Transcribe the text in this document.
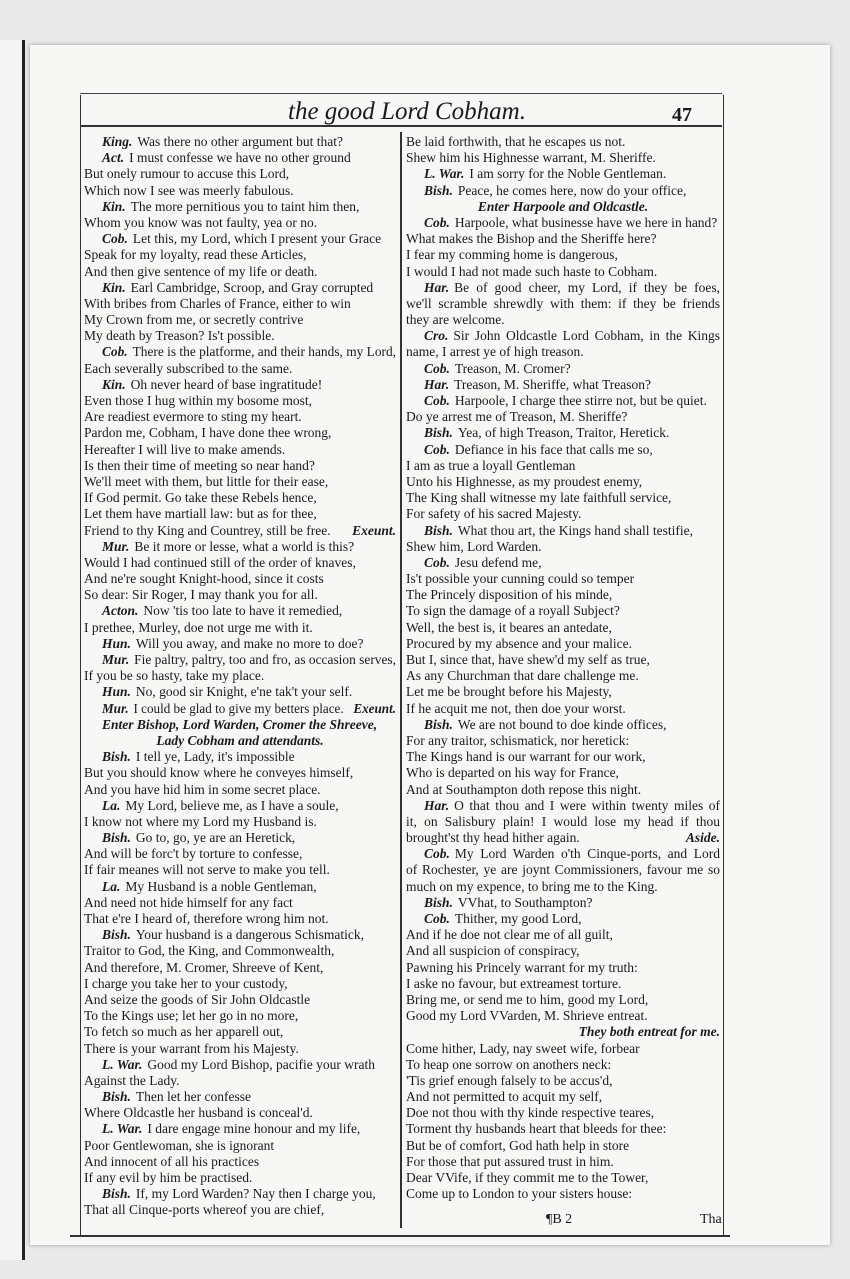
the good Lord Cobham.	47
King. Was there no other argument but that?
Act. I must confesse we have no other ground
But onely rumour to accuse this Lord,
Which now I see was meerly fabulous.
Kin. The more pernitious you to taint him then,
Whom you know was not faulty, yea or no.
Cob. Let this, my Lord, which I present your Grace
Speak for my loyalty, read these Articles,
And then give sentence of my life or death.
Kin. Earl Cambridge, Scroop, and Gray corrupted
With bribes from Charles of France, either to win
My Crown from me, or secretly contrive
My death by Treason? Is't possible.
Cob. There is the platforme, and their hands, my Lord,
Each severally subscribed to the same.
Kin. Oh never heard of base ingratitude!
Even those I hug within my bosome most,
Are readiest evermore to sting my heart.
Pardon me, Cobham, I have done thee wrong,
Hereafter I will live to make amends.
Is then their time of meeting so near hand?
We'll meet with them, but little for their ease,
If God permit. Go take these Rebels hence,
Let them have martiall law: but as for thee,
Friend to thy King and Countrey, still be free. Exeunt.
Mur. Be it more or lesse, what a world is this?
Would I had continued still of the order of knaves,
And ne're sought Knight-hood, since it costs
So dear: Sir Roger, I may thank you for all.
Acton. Now 'tis too late to have it remedied,
I prethee, Murley, doe not urge me with it.
Hun. Will you away, and make no more to doe?
Mur. Fie paltry, paltry, too and fro, as occasion serves,
If you be so hasty, take my place.
Hun. No, good sir Knight, e'ne tak't your self.
Mur. I could be glad to give my betters place. Exeunt.
Enter Bishop, Lord Warden, Cromer the Shreeve,
Lady Cobham and attendants.
Bish. I tell ye, Lady, it's impossible
But you should know where he conveyes himself,
And you have hid him in some secret place.
La. My Lord, believe me, as I have a soule,
I know not where my Lord my Husband is.
Bish. Go to, go, ye are an Heretick,
And will be forc't by torture to confesse,
If fair meanes will not serve to make you tell.
La. My Husband is a noble Gentleman,
And need not hide himself for any fact
That e're I heard of, therefore wrong him not.
Bish. Your husband is a dangerous Schismatick,
Traitor to God, the King, and Commonwealth,
And therefore, M. Cromer, Shreeve of Kent,
I charge you take her to your custody,
And seize the goods of Sir John Oldcastle
To the Kings use; let her go in no more,
To fetch so much as her apparell out,
There is your warrant from his Majesty.
L. War. Good my Lord Bishop, pacifie your wrath
Against the Lady.
Bish. Then let her confesse
Where Oldcastle her husband is conceal'd.
L. War. I dare engage mine honour and my life,
Poor Gentlewoman, she is ignorant
And innocent of all his practices
If any evil by him be practised.
Bish. If, my Lord Warden? Nay then I charge you,
That all Cinque-ports whereof you are chief,
Be laid forthwith, that he escapes us not.
Shew him his Highnesse warrant, M. Sheriffe.
L. War. I am sorry for the Noble Gentleman.
Bish. Peace, he comes here, now do your office,
Enter Harpoole and Oldcastle.
Cob. Harpoole, what businesse have we here in hand?
What makes the Bishop and the Sheriffe here?
I fear my comming home is dangerous,
I would I had not made such haste to Cobham.
Har. Be of good cheer, my Lord, if they be foes,
we'll scramble shrewdly with them: if they be friends
they are welcome.
Cro. Sir John Oldcastle Lord Cobham, in the Kings
name, I arrest ye of high treason.
Cob. Treason, M. Cromer?
Har. Treason, M. Sheriffe, what Treason?
Cob. Harpoole, I charge thee stirre not, but be quiet.
Do ye arrest me of Treason, M. Sheriffe?
Bish. Yea, of high Treason, Traitor, Heretick.
Cob. Defiance in his face that calls me so,
I am as true a loyall Gentleman
Unto his Highnesse, as my proudest enemy,
The King shall witnesse my late faithfull service,
For safety of his sacred Majesty.
Bish. What thou art, the Kings hand shall testifie,
Shew him, Lord Warden.
Cob. Jesu defend me,
Is't possible your cunning could so temper
The Princely disposition of his minde,
To sign the damage of a royall Subject?
Well, the best is, it beares an antedate,
Procured by my absence and your malice.
But I, since that, have shew'd my self as true,
As any Churchman that dare challenge me.
Let me be brought before his Majesty,
If he acquit me not, then doe your worst.
Bish. We are not bound to doe kinde offices,
For any traitor, schismatick, nor heretick:
The Kings hand is our warrant for our work,
Who is departed on his way for France,
And at Southampton doth repose this night.
Har. O that thou and I were within twenty miles of
it, on Salisbury plain! I would lose my head if thou
brought'st thy head hither again.	Aside.
Cob. My Lord Warden o'th Cinque-ports, and Lord
of Rochester, ye are joynt Commissioners, favour me so
much on my expence, to bring me to the King.
Bish. VVhat, to Southampton?
Cob. Thither, my good Lord,
And if he doe not clear me of all guilt,
And all suspicion of conspiracy,
Pawning his Princely warrant for my truth:
I aske no favour, but extreamest torture.
Bring me, or send me to him, good my Lord,
Good my Lord VVarden, M. Shrieve entreat.
They both entreat for me.
Come hither, Lady, nay sweet wife, forbear
To heap one sorrow on anothers neck:
'Tis grief enough falsely to be accus'd,
And not permitted to acquit my self,
Doe not thou with thy kinde respective teares,
Torment thy husbands heart that bleeds for thee:
But be of comfort, God hath help in store
For those that put assured trust in him.
Dear VVife, if they commit me to the Tower,
Come up to London to your sisters house:
¶B 2	Tha
